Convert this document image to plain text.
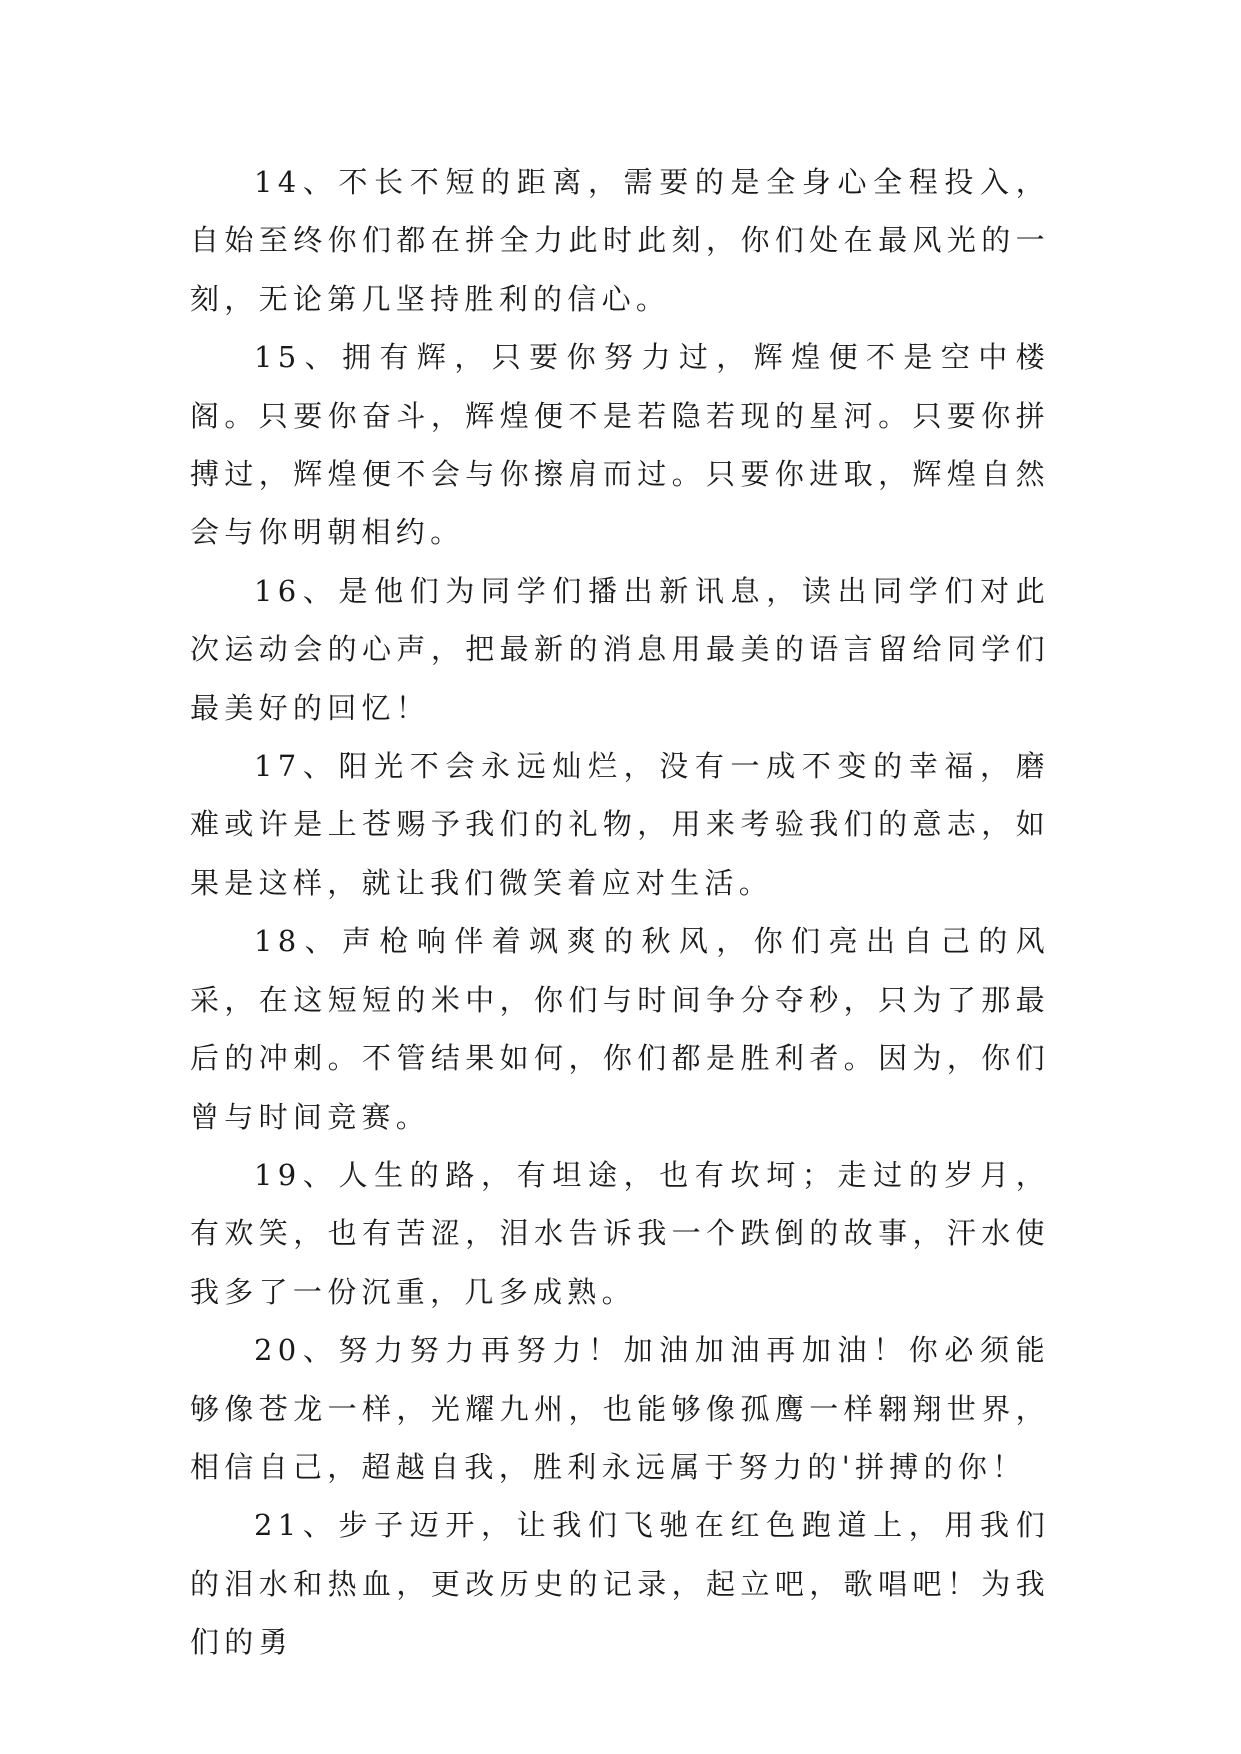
14、不长不短的距离，需要的是全身心全程投入，自始至终你们都在拼全力此时此刻，你们处在最风光的一刻，无论第几坚持胜利的信心。

15、拥有辉，只要你努力过，辉煌便不是空中楼阁。只要你奋斗，辉煌便不是若隐若现的星河。只要你拼搏过，辉煌便不会与你擦肩而过。只要你进取，辉煌自然会与你明朝相约。

16、是他们为同学们播出新讯息，读出同学们对此次运动会的心声，把最新的消息用最美的语言留给同学们最美好的回忆！

17、阳光不会永远灿烂，没有一成不变的幸福，磨难或许是上苍赐予我们的礼物，用来考验我们的意志，如果是这样，就让我们微笑着应对生活。

18、声枪响伴着飒爽的秋风，你们亮出自己的风采，在这短短的米中，你们与时间争分夺秒，只为了那最后的冲刺。不管结果如何，你们都是胜利者。因为，你们曾与时间竞赛。

19、人生的路，有坦途，也有坎坷；走过的岁月，有欢笑，也有苦涩，泪水告诉我一个跌倒的故事，汗水使我多了一份沉重，几多成熟。

20、努力努力再努力！加油加油再加油！你必须能够像苍龙一样，光耀九州，也能够像孤鹰一样翱翔世界，相信自己，超越自我，胜利永远属于努力的'拼搏的你！

21、步子迈开，让我们飞驰在红色跑道上，用我们的泪水和热血，更改历史的记录，起立吧，歌唱吧！为我们的勇
